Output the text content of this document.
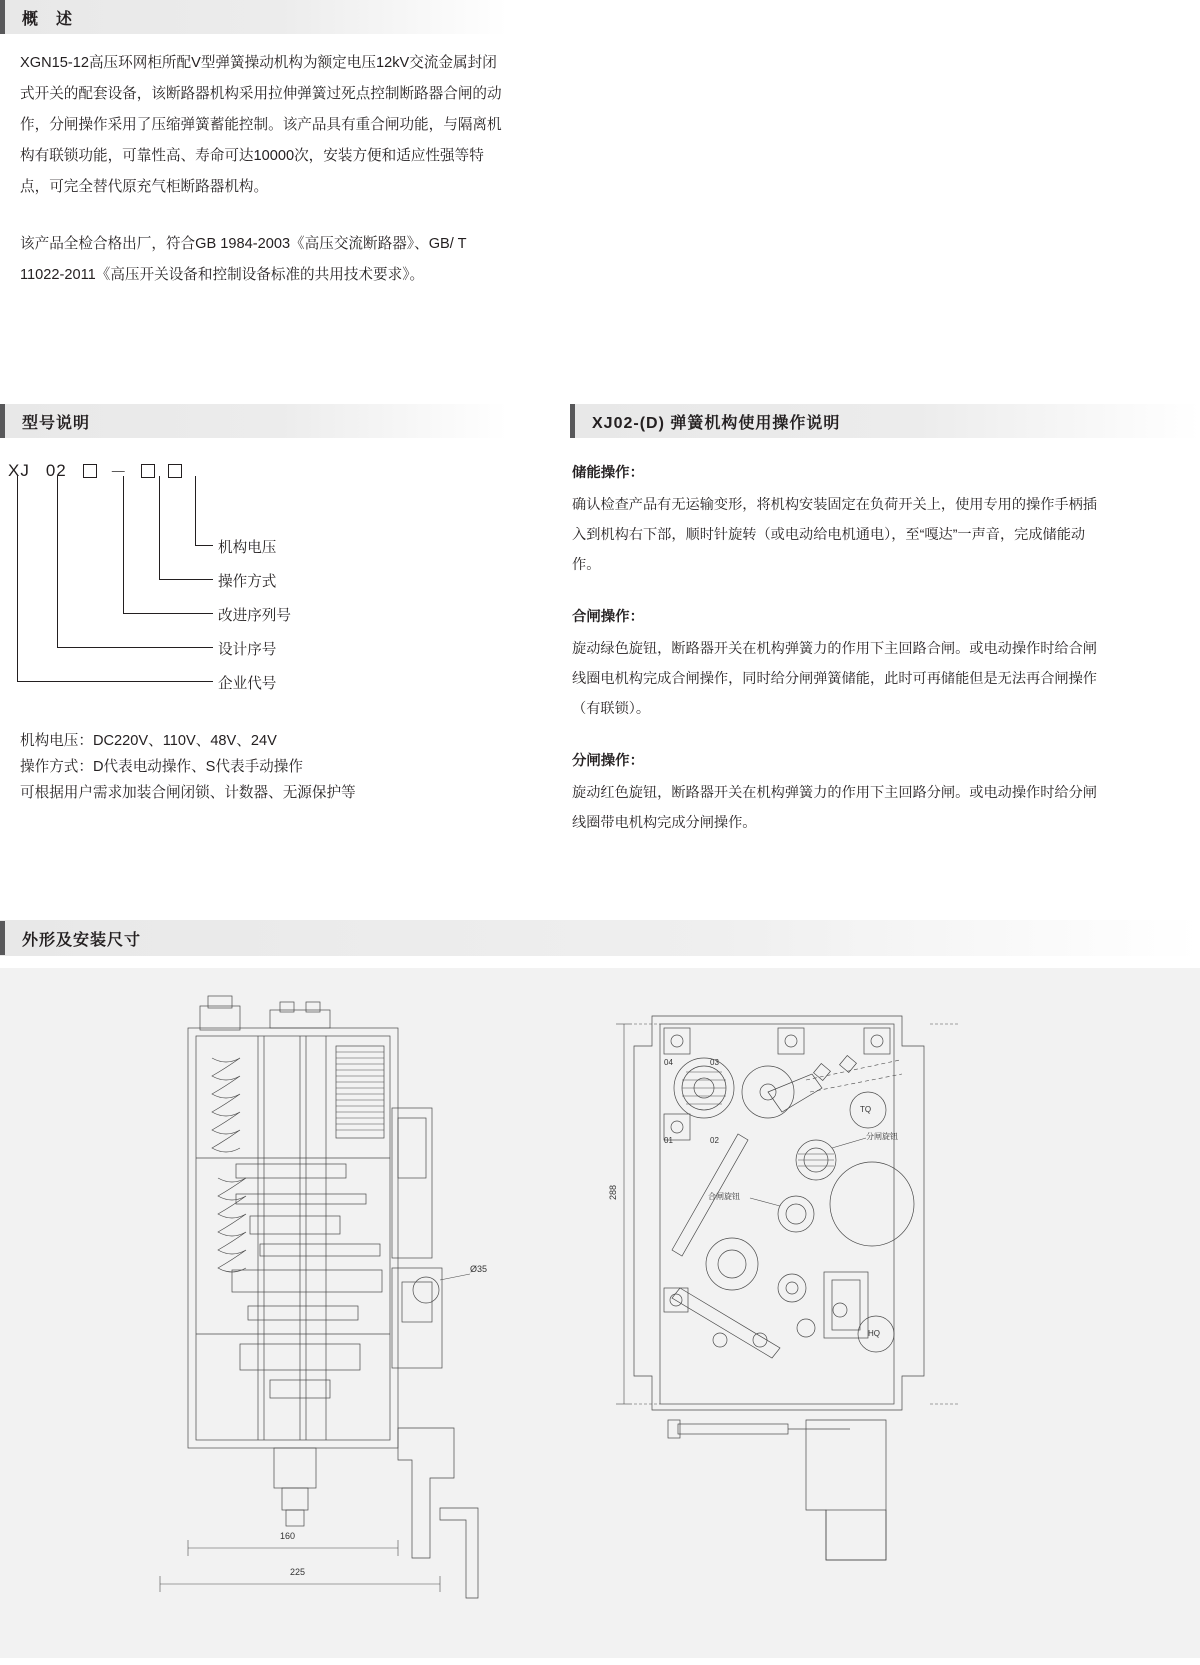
概　述

XGN15-12高压环网柜所配V型弹簧操动机构为额定电压12kV交流金属封闭式开关的配套设备，该断路器机构采用拉伸弹簧过死点控制断路器合闸的动作，分闸操作采用了压缩弹簧蓄能控制。该产品具有重合闸功能，与隔离机构有联锁功能，可靠性高、寿命可达10000次，安装方便和适应性强等特点，可完全替代原充气柜断路器机构。

该产品全检合格出厂，符合GB 1984-2003《高压交流断路器》、GB/ T 11022-2011《高压开关设备和控制设备标准的共用技术要求》。

型号说明
XJ 02	－
机构电压
操作方式
改进序列号
设计序号
企业代号
机构电压：DC220V、110V、48V、24V
操作方式：D代表电动操作、S代表手动操作
可根据用户需求加装合闸闭锁、计数器、无源保护等
XJ02-(D) 弹簧机构使用操作说明
储能操作：
确认检查产品有无运输变形，将机构安装固定在负荷开关上，使用专用的操作手柄插入到机构右下部，顺时针旋转（或电动给电机通电），至“嘎达”一声音，完成储能动作。
合闸操作：
旋动绿色旋钮，断路器开关在机构弹簧力的作用下主回路合闸。或电动操作时给合闸线圈电机构完成合闸操作，同时给分闸弹簧储能，此时可再储能但是无法再合闸操作（有联锁）。
分闸操作：
旋动红色旋钮，断路器开关在机构弹簧力的作用下主回路分闸。或电动操作时给分闸线圈带电机构完成分闸操作。
外形及安装尺寸
160
225
Ø35
288
04	03
01	02
TQ
HQ
分闸旋钮
合闸旋钮
